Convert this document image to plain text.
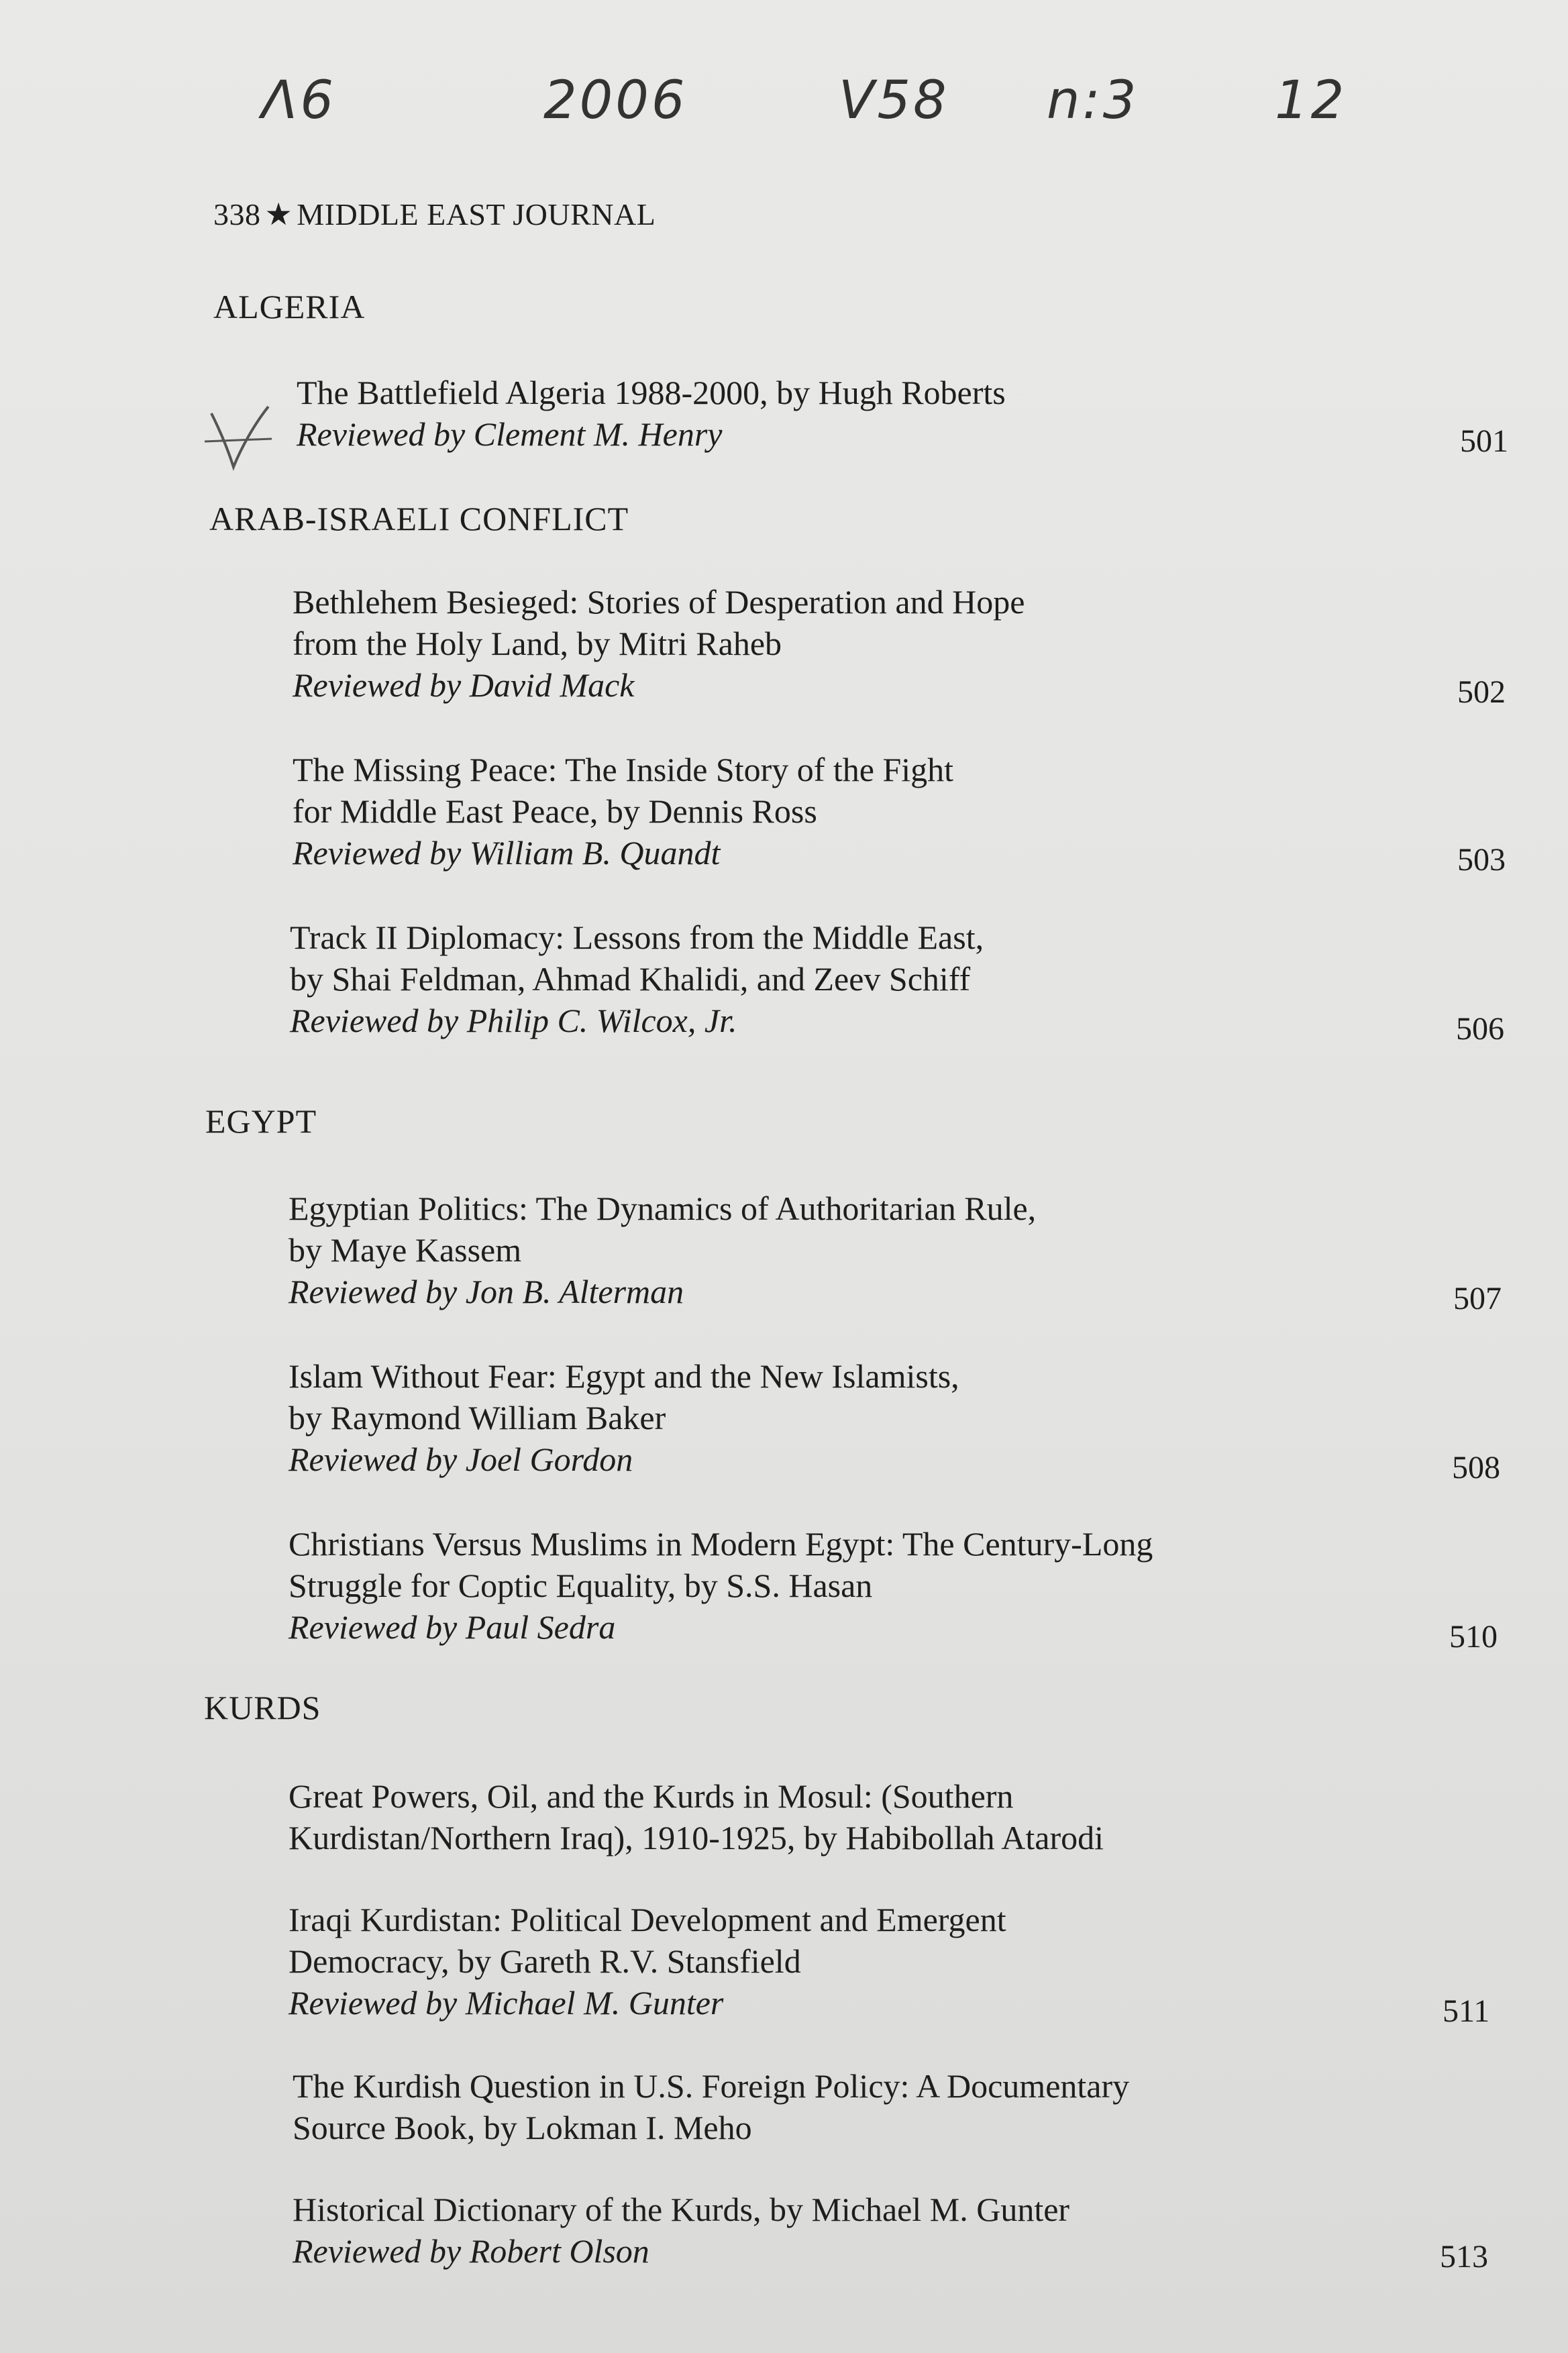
Λ6	2006	V58 n:3	12
338 ★ MIDDLE EAST JOURNAL
ALGERIA
The Battlefield Algeria 1988-2000, by Hugh Roberts
Reviewed by Clement M. Henry	501
ARAB-ISRAELI CONFLICT
Bethlehem Besieged: Stories of Desperation and Hope
from the Holy Land, by Mitri Raheb
Reviewed by David Mack	502
The Missing Peace: The Inside Story of the Fight
for Middle East Peace, by Dennis Ross
Reviewed by William B. Quandt	503
Track II Diplomacy: Lessons from the Middle East,
by Shai Feldman, Ahmad Khalidi, and Zeev Schiff
Reviewed by Philip C. Wilcox, Jr.	506
EGYPT
Egyptian Politics: The Dynamics of Authoritarian Rule,
by Maye Kassem
Reviewed by Jon B. Alterman	507
Islam Without Fear: Egypt and the New Islamists,
by Raymond William Baker
Reviewed by Joel Gordon	508
Christians Versus Muslims in Modern Egypt: The Century-Long
Struggle for Coptic Equality, by S.S. Hasan
Reviewed by Paul Sedra	510
KURDS
Great Powers, Oil, and the Kurds in Mosul: (Southern
Kurdistan/Northern Iraq), 1910-1925, by Habibollah Atarodi
Iraqi Kurdistan: Political Development and Emergent
Democracy, by Gareth R.V. Stansfield
Reviewed by Michael M. Gunter	511
The Kurdish Question in U.S. Foreign Policy: A Documentary
Source Book, by Lokman I. Meho
Historical Dictionary of the Kurds, by Michael M. Gunter
Reviewed by Robert Olson	513
